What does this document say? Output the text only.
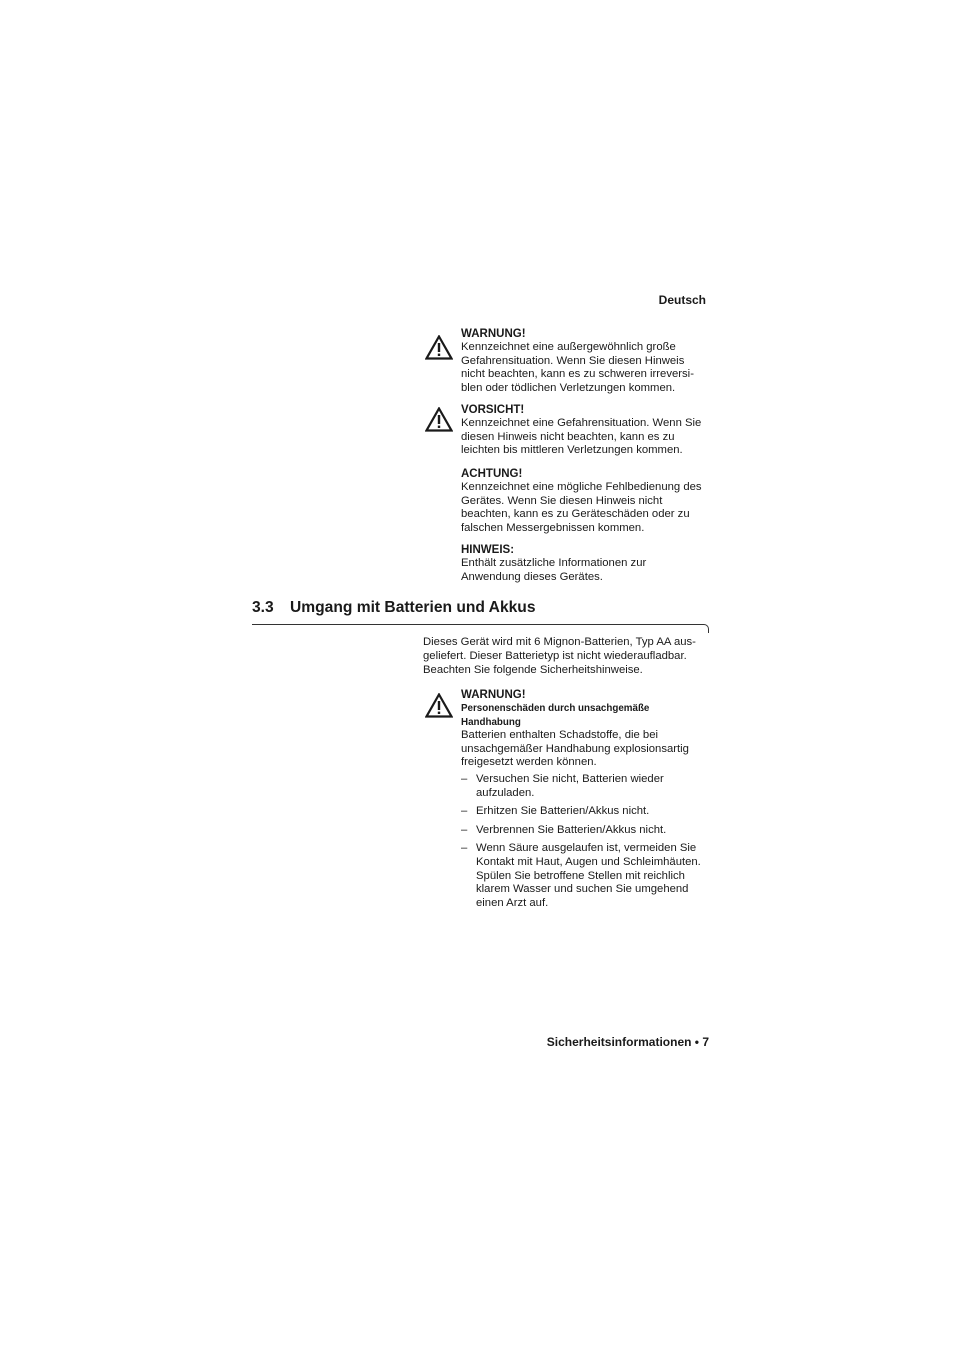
Deutsch
WARNUNG!
Kennzeichnet eine außergewöhnlich große
Gefahrensituation. Wenn Sie diesen Hinweis
nicht beachten, kann es zu schweren irreversi-
blen oder tödlichen Verletzungen kommen.
VORSICHT!
Kennzeichnet eine Gefahrensituation. Wenn Sie
diesen Hinweis nicht beachten, kann es zu
leichten bis mittleren Verletzungen kommen.
ACHTUNG!
Kennzeichnet eine mögliche Fehlbedienung des
Gerätes. Wenn Sie diesen Hinweis nicht
beachten, kann es zu Geräteschäden oder zu
falschen Messergebnissen kommen.
HINWEIS:
Enthält zusätzliche Informationen zur
Anwendung dieses Gerätes.
3.3 Umgang mit Batterien und Akkus
Dieses Gerät wird mit 6 Mignon-Batterien, Typ AA aus-
geliefert. Dieser Batterietyp ist nicht wiederaufladbar.
Beachten Sie folgende Sicherheitshinweise.
WARNUNG!
Personenschäden durch unsachgemäße
Handhabung
Batterien enthalten Schadstoffe, die bei
unsachgemäßer Handhabung explosionsartig
freigesetzt werden können.
– Versuchen Sie nicht, Batterien wieder
aufzuladen.
– Erhitzen Sie Batterien/Akkus nicht.
– Verbrennen Sie Batterien/Akkus nicht.
– Wenn Säure ausgelaufen ist, vermeiden Sie
Kontakt mit Haut, Augen und Schleimhäuten.
Spülen Sie betroffene Stellen mit reichlich
klarem Wasser und suchen Sie umgehend
einen Arzt auf.
Sicherheitsinformationen • 7
